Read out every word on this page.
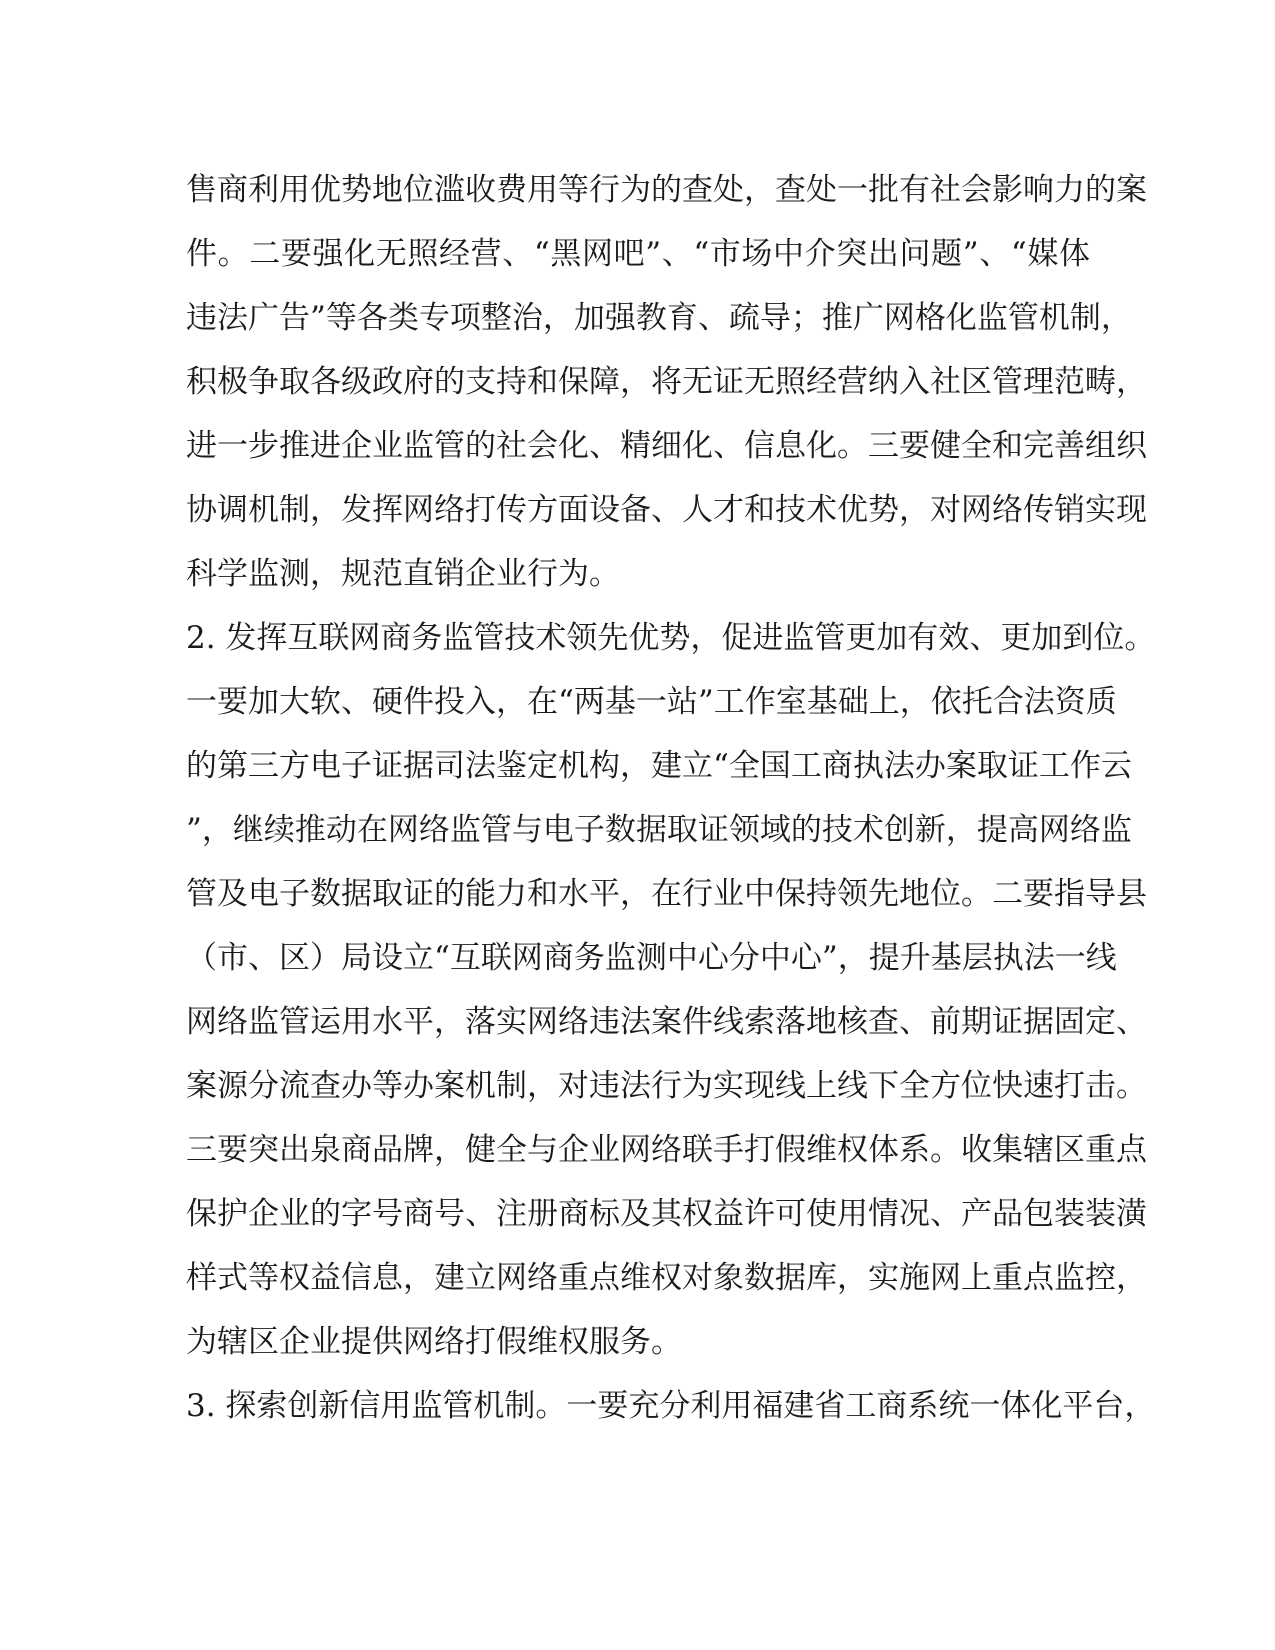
售商利用优势地位滥收费用等行为的查处，查处一批有社会影响力的案
件。二要强化无照经营、“黑网吧”、“市场中介突出问题”、“媒体
违法广告”等各类专项整治，加强教育、疏导；推广网格化监管机制，
积极争取各级政府的支持和保障，将无证无照经营纳入社区管理范畴，
进一步推进企业监管的社会化、精细化、信息化。三要健全和完善组织
协调机制，发挥网络打传方面设备、人才和技术优势，对网络传销实现
科学监测，规范直销企业行为。
2. 发挥互联网商务监管技术领先优势，促进监管更加有效、更加到位。
一要加大软、硬件投入，在“两基一站”工作室基础上，依托合法资质
的第三方电子证据司法鉴定机构，建立“全国工商执法办案取证工作云
”，继续推动在网络监管与电子数据取证领域的技术创新，提高网络监
管及电子数据取证的能力和水平，在行业中保持领先地位。二要指导县
（市、区）局设立“互联网商务监测中心分中心”，提升基层执法一线
网络监管运用水平，落实网络违法案件线索落地核查、前期证据固定、
案源分流查办等办案机制，对违法行为实现线上线下全方位快速打击。
三要突出泉商品牌，健全与企业网络联手打假维权体系。收集辖区重点
保护企业的字号商号、注册商标及其权益许可使用情况、产品包装装潢
样式等权益信息，建立网络重点维权对象数据库，实施网上重点监控，
为辖区企业提供网络打假维权服务。
3. 探索创新信用监管机制。一要充分利用福建省工商系统一体化平台，
